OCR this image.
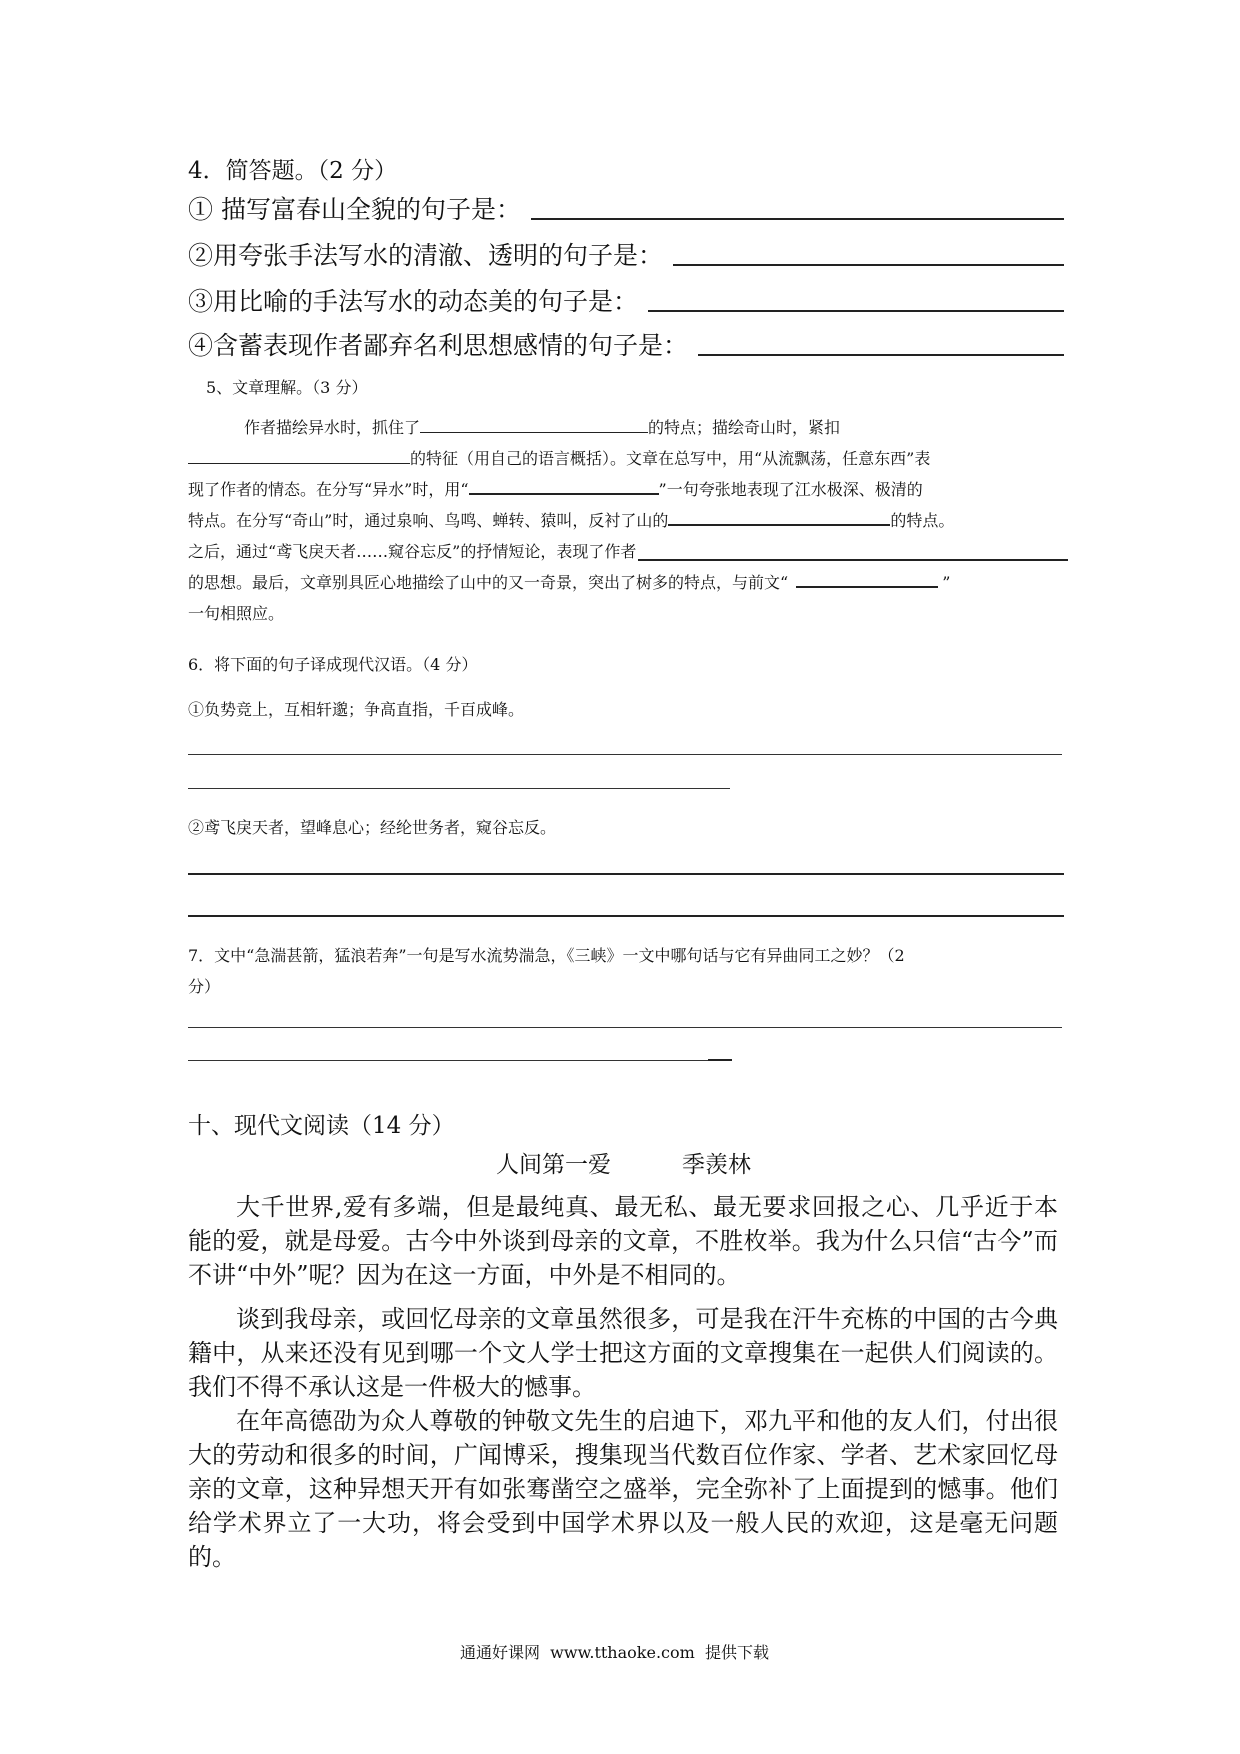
4．简答题。（2 分）
① 描写富春山全貌的句子是：
②用夸张手法写水的清澈、透明的句子是：
③用比喻的手法写水的动态美的句子是：
④含蓄表现作者鄙弃名利思想感情的句子是：
5、文章理解。（3 分）

作者描绘异水时，抓住了	的特点；描绘奇山时，紧扣

的特征（用自己的语言概括）。文章在总写中，用“从流飘荡，任意东西”表

现了作者的情态。在分写“异水”时，用“	”一句夸张地表现了江水极深、极清的

特点。在分写“奇山”时，通过泉响、鸟鸣、蝉转、猿叫，反衬了山的	的特点。

之后，通过“鸢飞戾天者……窥谷忘反”的抒情短论，表现了作者

的思想。最后，文章别具匠心地描绘了山中的又一奇景，突出了树多的特点，与前文“	”

一句相照应。

6．将下面的句子译成现代汉语。（4 分）
①负势竞上，互相轩邈；争高直指，千百成峰。
②鸢飞戾天者，望峰息心；经纶世务者，窥谷忘反。
7．文中“急湍甚箭，猛浪若奔”一句是写水流势湍急，《三峡》一文中哪句话与它有异曲同工之妙？（2
分）
十、现代文阅读（14 分）
人间第一爱	季羡林

大千世界,爱有多端，但是最纯真、最无私、最无要求回报之心、几乎近于本能的爱，就是母爱。古今中外谈到母亲的文章，不胜枚举。我为什么只信“古今”而不讲“中外”呢？因为在这一方面，中外是不相同的。

谈到我母亲，或回忆母亲的文章虽然很多，可是我在汗牛充栋的中国的古今典籍中，从来还没有见到哪一个文人学士把这方面的文章搜集在一起供人们阅读的。我们不得不承认这是一件极大的憾事。

在年高德劭为众人尊敬的钟敬文先生的启迪下，邓九平和他的友人们，付出很大的劳动和很多的时间，广闻博采，搜集现当代数百位作家、学者、艺术家回忆母亲的文章，这种异想天开有如张骞凿空之盛举，完全弥补了上面提到的憾事。他们给学术界立了一大功，将会受到中国学术界以及一般人民的欢迎，这是毫无问题的。

通通好课网  www.tthaoke.com  提供下载
